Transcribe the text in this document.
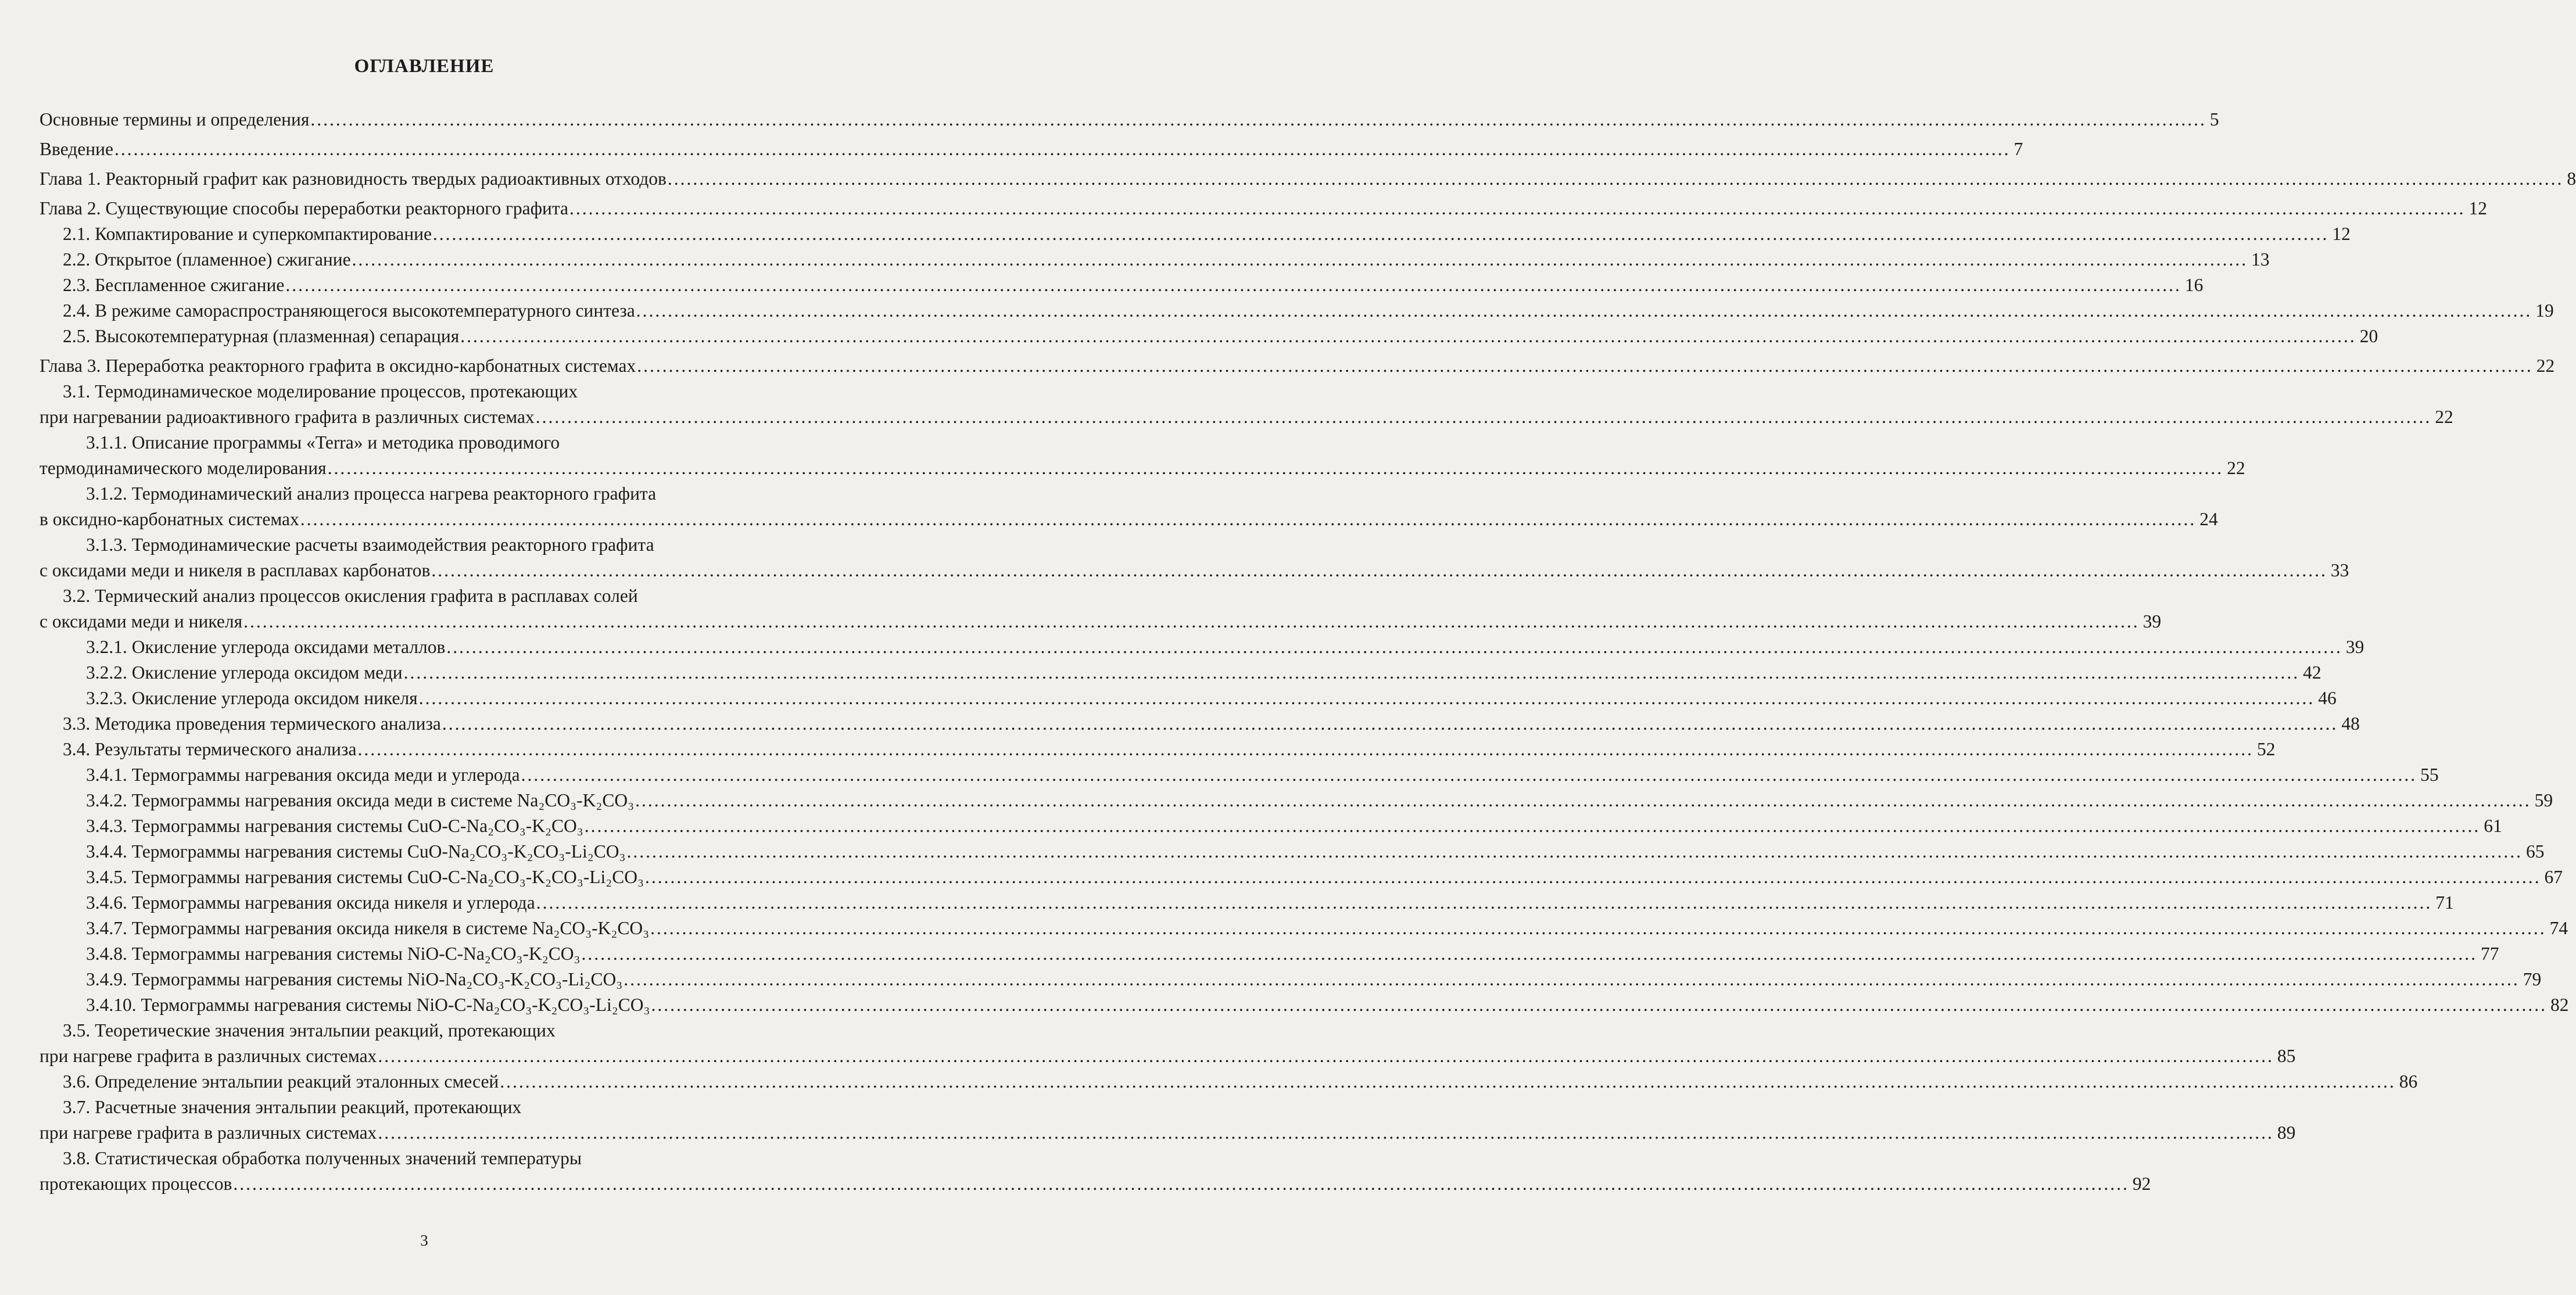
ОГЛАВЛЕНИЕ
Основные термины и определения ............................................................................................................................................................................................................................................................................................................ 5
Введение ............................................................................................................................................................................................................................................................................................................ 7
Глава 1. Реакторный графит как разновидность твердых радиоактивных отходов ............................................................................................................................................................................................................................................................................................................ 8
Глава 2. Существующие способы переработки реакторного графита ............................................................................................................................................................................................................................................................................................................ 12
2.1. Компактирование и суперкомпактирование ............................................................................................................................................................................................................................................................................................................ 12
2.2. Открытое (пламенное) сжигание ............................................................................................................................................................................................................................................................................................................ 13
2.3. Беспламенное сжигание ............................................................................................................................................................................................................................................................................................................ 16
2.4. В режиме самораспространяющегося высокотемпературного синтеза ............................................................................................................................................................................................................................................................................................................ 19
2.5. Высокотемпературная (плазменная) сепарация ............................................................................................................................................................................................................................................................................................................ 20
Глава 3. Переработка реакторного графита в оксидно-карбонатных системах ............................................................................................................................................................................................................................................................................................................ 22
3.1. Термодинамическое моделирование процессов, протекающих
при нагревании радиоактивного графита в различных системах ............................................................................................................................................................................................................................................................................................................ 22
3.1.1. Описание программы «Terra» и методика проводимого
термодинамического моделирования ............................................................................................................................................................................................................................................................................................................ 22
3.1.2. Термодинамический анализ процесса нагрева реакторного графита
в оксидно-карбонатных системах ............................................................................................................................................................................................................................................................................................................ 24
3.1.3. Термодинамические расчеты взаимодействия реакторного графита
с оксидами меди и никеля в расплавах карбонатов ............................................................................................................................................................................................................................................................................................................ 33
3.2. Термический анализ процессов окисления графита в расплавах солей
с оксидами меди и никеля ............................................................................................................................................................................................................................................................................................................ 39
3.2.1. Окисление углерода оксидами металлов ............................................................................................................................................................................................................................................................................................................ 39
3.2.2. Окисление углерода оксидом меди ............................................................................................................................................................................................................................................................................................................ 42
3.2.3. Окисление углерода оксидом никеля ............................................................................................................................................................................................................................................................................................................ 46
3.3. Методика проведения термического анализа ............................................................................................................................................................................................................................................................................................................ 48
3.4. Результаты термического анализа ............................................................................................................................................................................................................................................................................................................ 52
3.4.1. Термограммы нагревания оксида меди и углерода ............................................................................................................................................................................................................................................................................................................ 55
3.4.2. Термограммы нагревания оксида меди в системе Na₂CO₃-K₂CO₃ ............................................................................................................................................................................................................................................................................................................ 59
3.4.3. Термограммы нагревания системы CuO-C-Na₂CO₃-K₂CO₃ ............................................................................................................................................................................................................................................................................................................ 61
3.4.4. Термограммы нагревания системы CuO-Na₂CO₃-K₂CO₃-Li₂CO₃ ............................................................................................................................................................................................................................................................................................................ 65
3.4.5. Термограммы нагревания системы CuO-C-Na₂CO₃-K₂CO₃-Li₂CO₃ ............................................................................................................................................................................................................................................................................................................ 67
3.4.6. Термограммы нагревания оксида никеля и углерода ............................................................................................................................................................................................................................................................................................................ 71
3.4.7. Термограммы нагревания оксида никеля в системе Na₂CO₃-K₂CO₃ ............................................................................................................................................................................................................................................................................................................ 74
3.4.8. Термограммы нагревания системы NiO-C-Na₂CO₃-K₂CO₃ ............................................................................................................................................................................................................................................................................................................ 77
3.4.9. Термограммы нагревания системы NiO-Na₂CO₃-K₂CO₃-Li₂CO₃ ............................................................................................................................................................................................................................................................................................................ 79
3.4.10. Термограммы нагревания системы NiO-C-Na₂CO₃-K₂CO₃-Li₂CO₃ ............................................................................................................................................................................................................................................................................................................ 82
3.5. Теоретические значения энтальпии реакций, протекающих
при нагреве графита в различных системах ............................................................................................................................................................................................................................................................................................................ 85
3.6. Определение энтальпии реакций эталонных смесей ............................................................................................................................................................................................................................................................................................................ 86
3.7. Расчетные значения энтальпии реакций, протекающих
при нагреве графита в различных системах ............................................................................................................................................................................................................................................................................................................ 89
3.8. Статистическая обработка полученных значений температуры
протекающих процессов ............................................................................................................................................................................................................................................................................................................ 92
3
